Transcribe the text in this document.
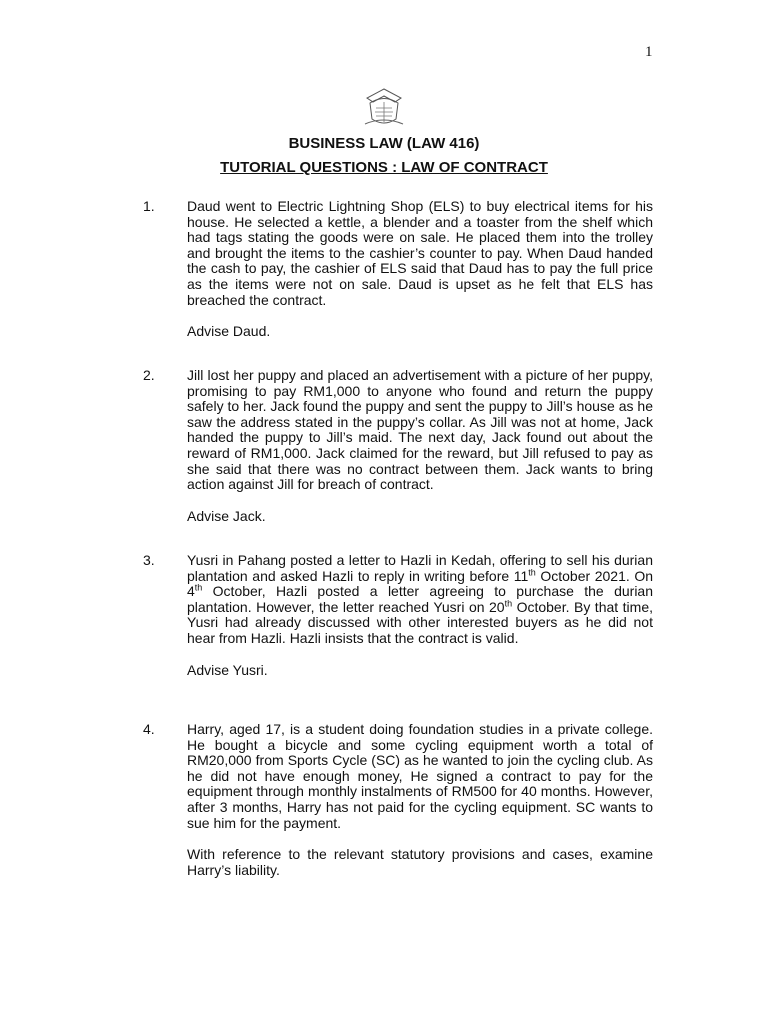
1
BUSINESS LAW (LAW 416)
TUTORIAL QUESTIONS : LAW OF CONTRACT
1. Daud went to Electric Lightning Shop (ELS) to buy electrical items for his house. He selected a kettle, a blender and a toaster from the shelf which had tags stating the goods were on sale. He placed them into the trolley and brought the items to the cashier’s counter to pay. When Daud handed the cash to pay, the cashier of ELS said that Daud has to pay the full price as the items were not on sale. Daud is upset as he felt that ELS has breached the contract.
Advise Daud.
2. Jill lost her puppy and placed an advertisement with a picture of her puppy, promising to pay RM1,000 to anyone who found and return the puppy safely to her. Jack found the puppy and sent the puppy to Jill’s house as he saw the address stated in the puppy’s collar. As Jill was not at home, Jack handed the puppy to Jill’s maid. The next day, Jack found out about the reward of RM1,000. Jack claimed for the reward, but Jill refused to pay as she said that there was no contract between them. Jack wants to bring action against Jill for breach of contract.
Advise Jack.
3. Yusri in Pahang posted a letter to Hazli in Kedah, offering to sell his durian plantation and asked Hazli to reply in writing before 11th October 2021. On 4th October, Hazli posted a letter agreeing to purchase the durian plantation. However, the letter reached Yusri on 20th October. By that time, Yusri had already discussed with other interested buyers as he did not hear from Hazli. Hazli insists that the contract is valid.
Advise Yusri.
4. Harry, aged 17, is a student doing foundation studies in a private college. He bought a bicycle and some cycling equipment worth a total of RM20,000 from Sports Cycle (SC) as he wanted to join the cycling club. As he did not have enough money, He signed a contract to pay for the equipment through monthly instalments of RM500 for 40 months. However, after 3 months, Harry has not paid for the cycling equipment. SC wants to sue him for the payment.
With reference to the relevant statutory provisions and cases, examine Harry’s liability.
